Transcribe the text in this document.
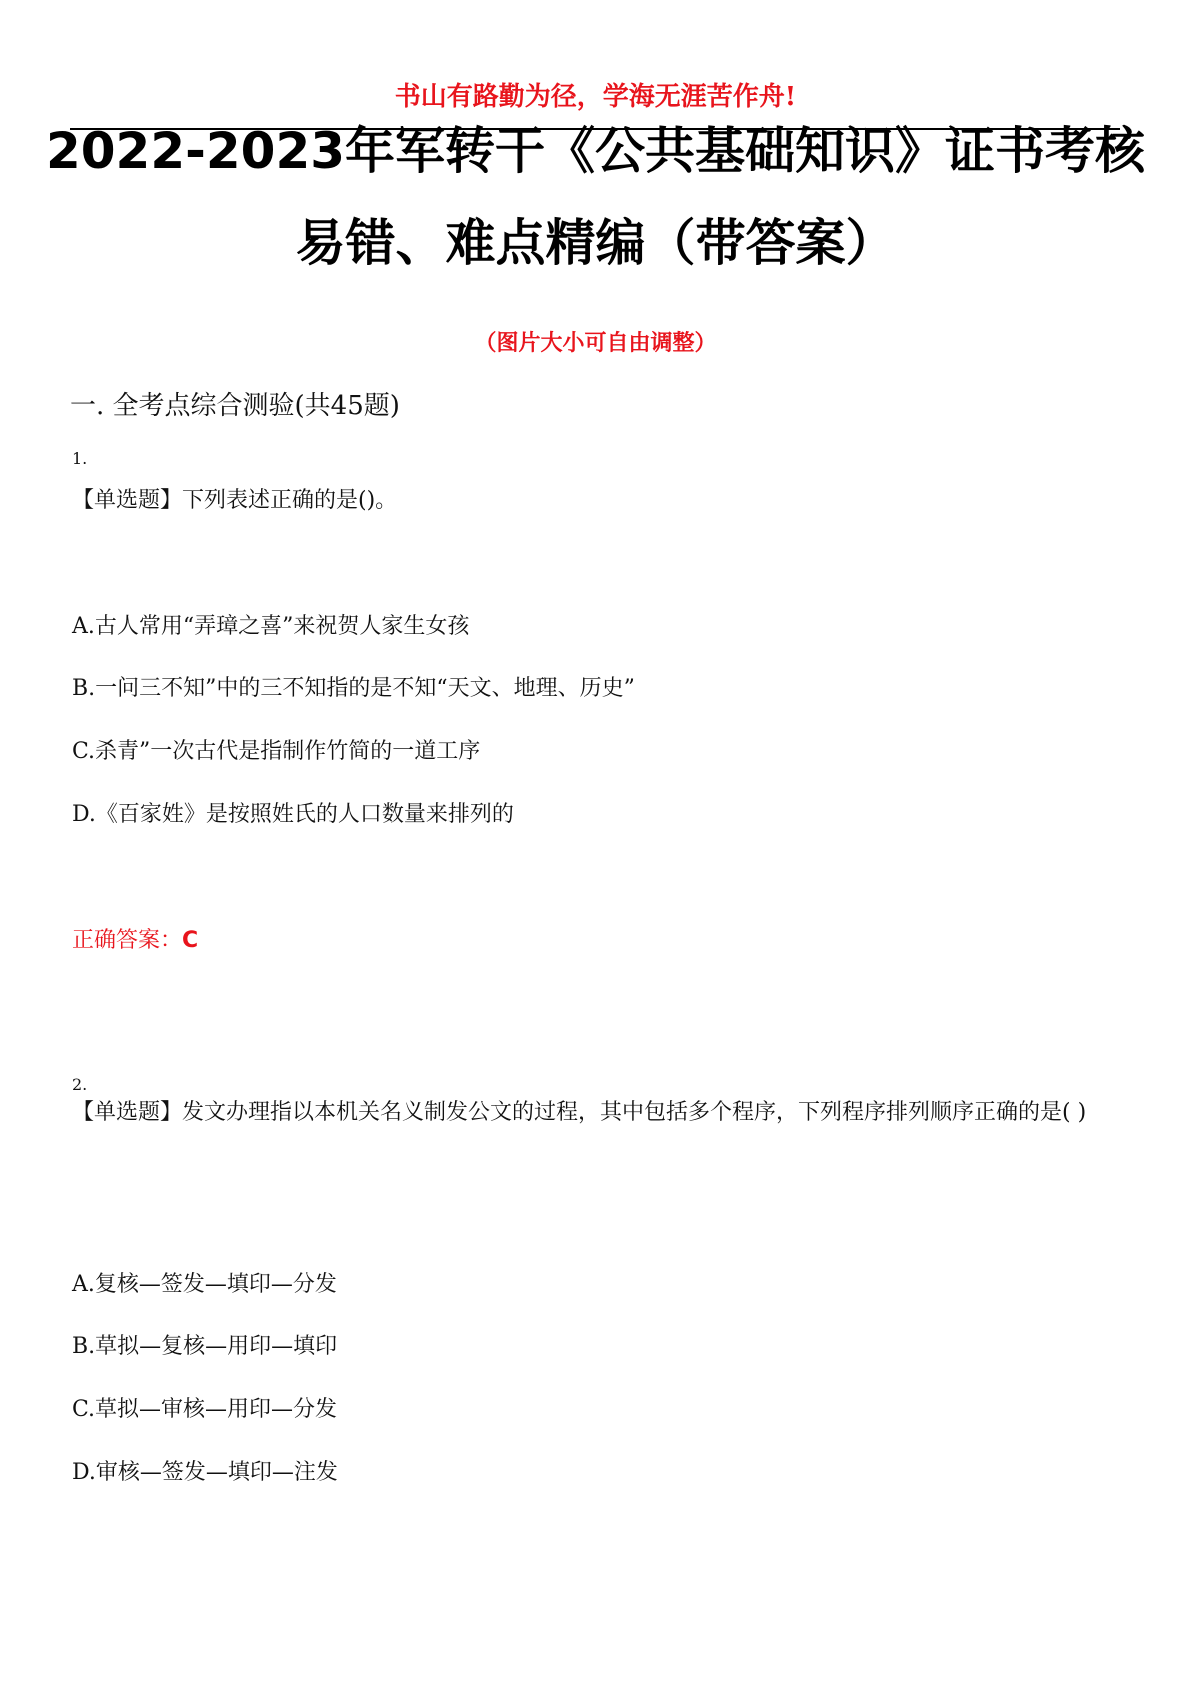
书山有路勤为径，学海无涯苦作舟!
2022-2023年军转干《公共基础知识》证书考核
易错、难点精编（带答案）
（图片大小可自由调整）
一. 全考点综合测验(共45题)
1.
【单选题】下列表述正确的是()。
A.古人常用“弄璋之喜”来祝贺人家生女孩
B.一问三不知”中的三不知指的是不知“天文、地理、历史”
C.杀青”一次古代是指制作竹简的一道工序
D.《百家姓》是按照姓氏的人口数量来排列的
正确答案：C
2.
【单选题】发文办理指以本机关名义制发公文的过程，其中包括多个程序，下列程序排列顺序正确的是( )
A.复核—签发—填印—分发
B.草拟—复核—用印—填印
C.草拟—审核—用印—分发
D.审核—签发—填印—注发
